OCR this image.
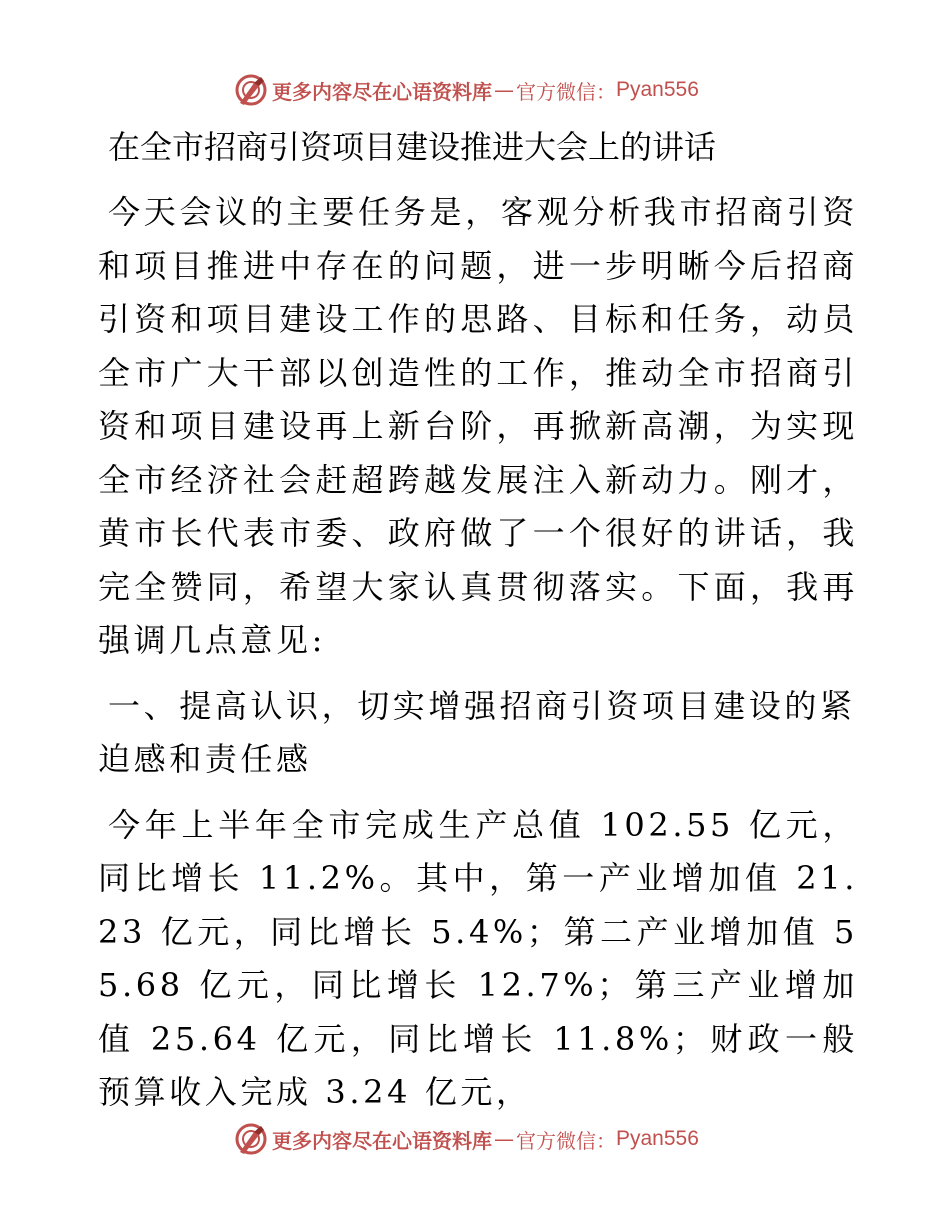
更多内容尽在心语资料库 — 官方微信： Pyan556
在全市招商引资项目建设推进大会上的讲话

今天会议的主要任务是，客观分析我市招商引资和项目推进中存在的问题，进一步明晰今后招商引资和项目建设工作的思路、目标和任务，动员全市广大干部以创造性的工作，推动全市招商引资和项目建设再上新台阶，再掀新高潮，为实现全市经济社会赶超跨越发展注入新动力。刚才，黄市长代表市委、政府做了一个很好的讲话，我完全赞同，希望大家认真贯彻落实。下面，我再强调几点意见:

一、提高认识，切实增强招商引资项目建设的紧迫感和责任感

今年上半年全市完成生产总值 102.55 亿元，同比增长 11.2%。其中，第一产业增加值 21.23 亿元，同比增长 5.4%；第二产业增加值 55.68 亿元，同比增长 12.7%；第三产业增加值 25.64 亿元，同比增长 11.8%；财政一般预算收入完成 3.24 亿元，

更多内容尽在心语资料库 — 官方微信： Pyan556
